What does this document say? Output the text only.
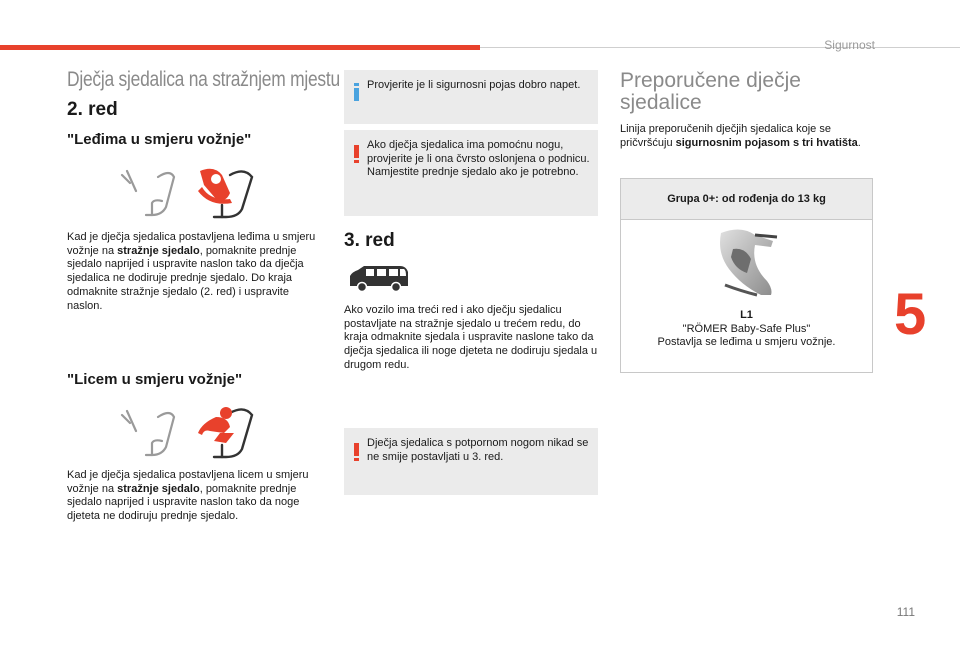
Sigurnost
5
111
Dječja sjedalica na stražnjem mjestu
2. red
"Leđima u smjeru vožnje"
Kad je dječja sjedalica postavljena leđima u smjeru vožnje na stražnje sjedalo, pomaknite prednje sjedalo naprijed i uspravite naslon tako da dječja sjedalica ne dodiruje prednje sjedalo. Do kraja odmaknite stražnje sjedalo (2. red) i uspravite naslon.
"Licem u smjeru vožnje"
Kad je dječja sjedalica postavljena licem u smjeru vožnje na stražnje sjedalo, pomaknite prednje sjedalo naprijed i uspravite naslon tako da noge djeteta ne dodiruju prednje sjedalo.
Provjerite je li sigurnosni pojas dobro napet.
Ako dječja sjedalica ima pomoćnu nogu, provjerite je li ona čvrsto oslonjena o podnicu. Namjestite prednje sjedalo ako je potrebno.
3. red
Ako vozilo ima treći red i ako dječju sjedalicu postavljate na stražnje sjedalo u trećem redu, do kraja odmaknite sjedala i uspravite naslone tako da dječja sjedalica ili noge djeteta ne dodiruju sjedala u drugom redu.
Dječja sjedalica s potpornom nogom nikad se ne smije postavljati u 3. red.
Preporučene dječje
sjedalice
Linija preporučenih dječjih sjedalica koje se pričvršćuju sigurnosnim pojasom s tri hvatišta.
Grupa 0+: od rođenja do 13 kg
L1
"RÖMER Baby-Safe Plus"
Postavlja se leđima u smjeru vožnje.
